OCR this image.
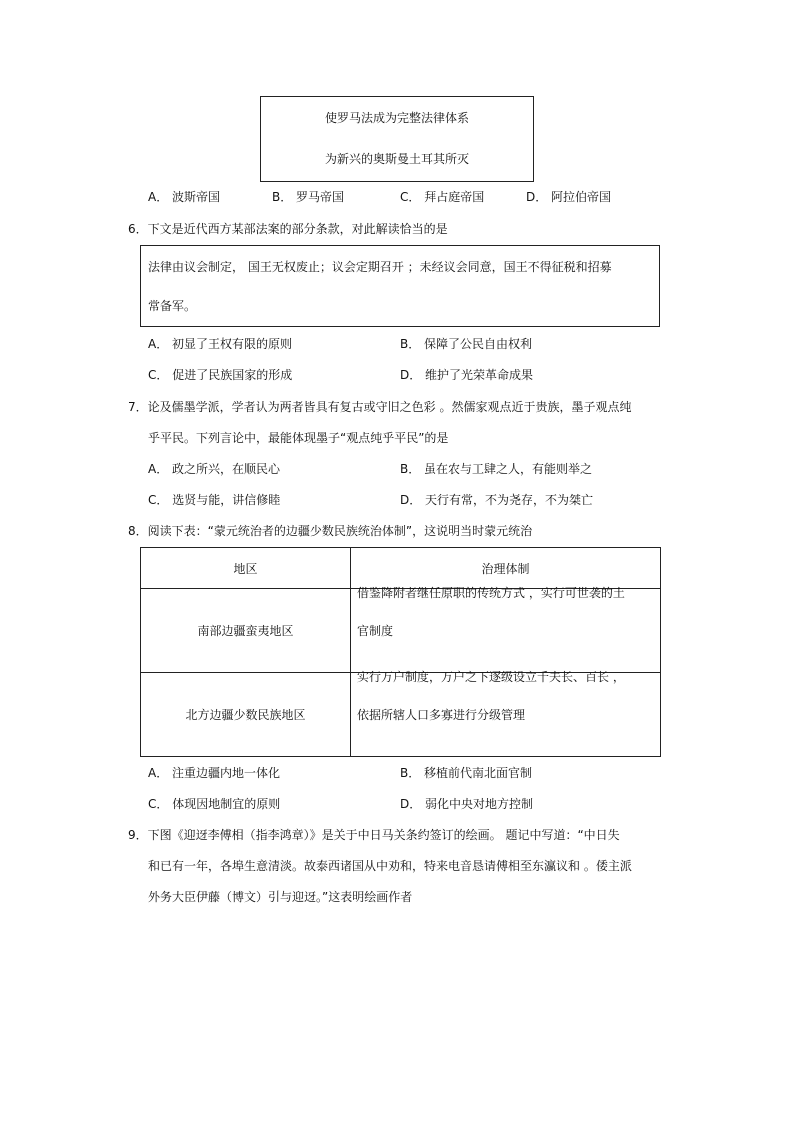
使罗马法成为完整法律体系
为新兴的奥斯曼土耳其所灭
A． 波斯帝国	B． 罗马帝国	C． 拜占庭帝国	D． 阿拉伯帝国
6．下文是近代西方某部法案的部分条款，对此解读恰当的是
法律由议会制定， 国王无权废止；议会定期召开 ；未经议会同意，国王不得征税和招募
常备军。
A． 初显了王权有限的原则	B． 保障了公民自由权利
C． 促进了民族国家的形成	D． 维护了光荣革命成果
7．论及儒墨学派，学者认为两者皆具有复古或守旧之色彩 。然儒家观点近于贵族，墨子观点纯
乎平民。下列言论中，最能体现墨子“观点纯乎平民”的是
A． 政之所兴，在顺民心	B． 虽在农与工肆之人，有能则举之
C． 选贤与能，讲信修睦	D． 天行有常，不为尧存，不为桀亡
8．阅读下表：“蒙元统治者的边疆少数民族统治体制”，这说明当时蒙元统治
地区	治理体制
南部边疆蛮夷地区	借鉴降附者继任原职的传统方式 ，实行可世袭的土
官制度

北方边疆少数民族地区	实行万户制度，万户之下逐级设立千夫长、百长 ，
依据所辖人口多寡进行分级管理
A． 注重边疆内地一体化	B． 移植前代南北面官制
C． 体现因地制宜的原则	D． 弱化中央对地方控制
9．下图《迎迓李傅相（指李鸿章）》是关于中日马关条约签订的绘画。 题记中写道：“中日失
和已有一年，各埠生意清淡。故泰西诸国从中劝和，特来电音恳请傅相至东瀛议和 。倭主派
外务大臣伊藤（博文）引与迎迓。”这表明绘画作者
